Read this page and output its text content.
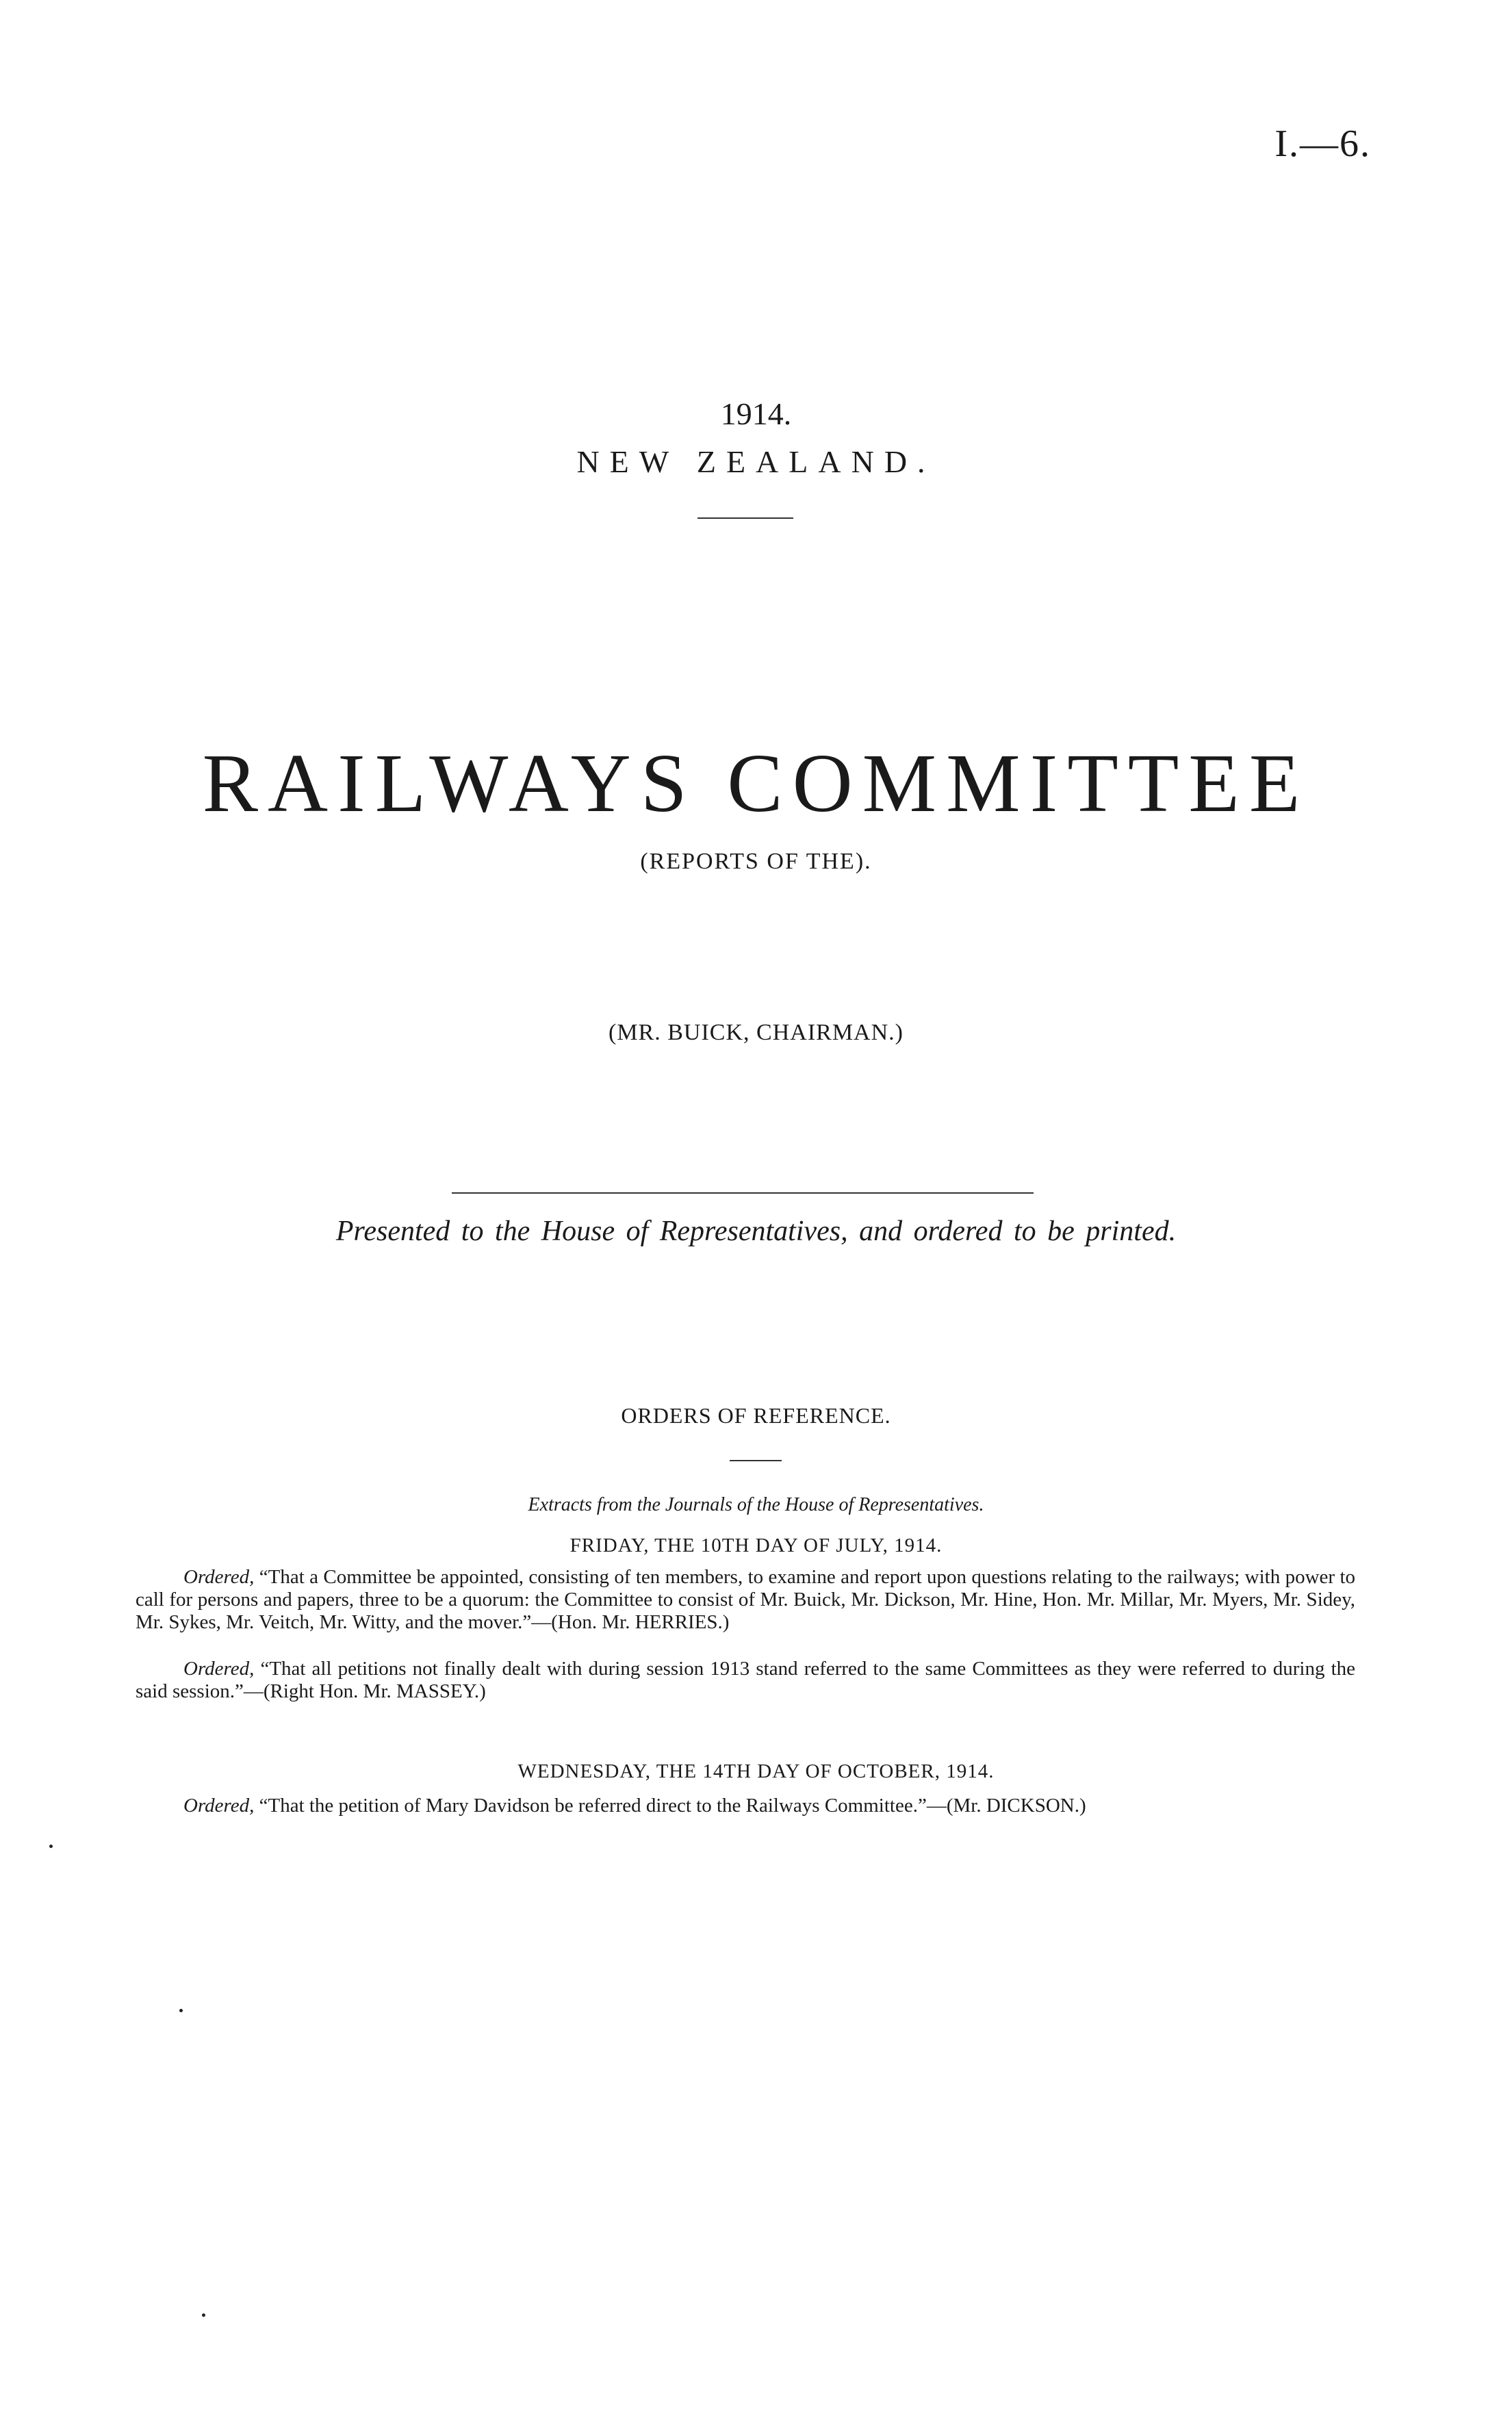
I.—6.
1914.
NEW ZEALAND.
RAILWAYS COMMITTEE
(REPORTS OF THE).
(MR. BUICK, CHAIRMAN.)
Presented to the House of Representatives, and ordered to be printed.
ORDERS OF REFERENCE.
Extracts from the Journals of the House of Representatives.
FRIDAY, THE 10TH DAY OF JULY, 1914.
Ordered, “That a Committee be appointed, consisting of ten members, to examine and report upon questions relating to the railways; with power to call for persons and papers, three to be a quorum: the Committee to consist of Mr. Buick, Mr. Dickson, Mr. Hine, Hon. Mr. Millar, Mr. Myers, Mr. Sidey, Mr. Sykes, Mr. Veitch, Mr. Witty, and the mover.”—(Hon. Mr. HERRIES.)
Ordered, “That all petitions not finally dealt with during session 1913 stand referred to the same Committees as they were referred to during the said session.”—(Right Hon. Mr. MASSEY.)
WEDNESDAY, THE 14TH DAY OF OCTOBER, 1914.
Ordered, “That the petition of Mary Davidson be referred direct to the Railways Committee.”—(Mr. DICKSON.)
